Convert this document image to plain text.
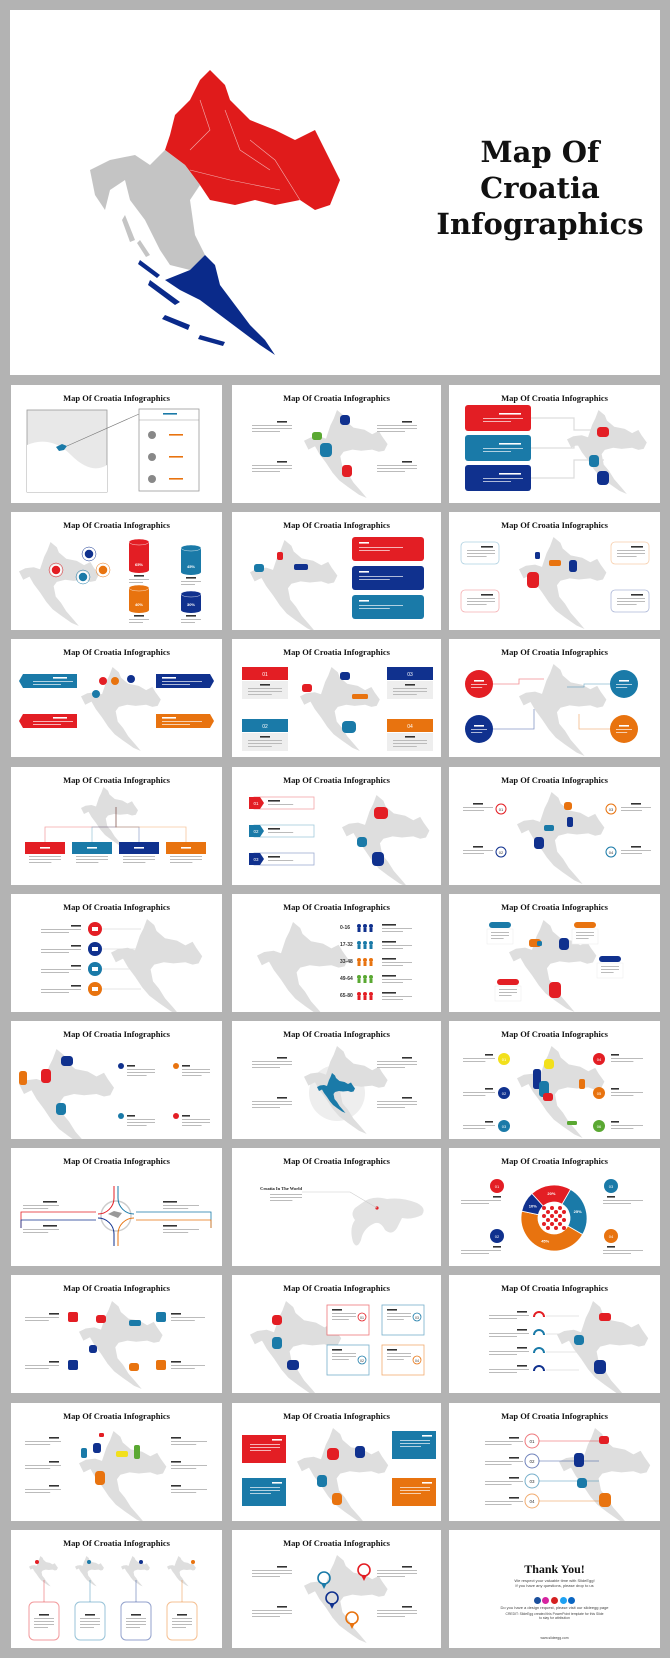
Map Of
Croatia
Infographics
Map Of Croatia Infographics	Map Of Croatia Infographics	Map Of Croatia Infographics
Map Of Croatia Infographics
65%	45%
40%	30%
Map Of Croatia Infographics	Map Of Croatia Infographics
Map Of Croatia Infographics	Map Of Croatia Infographics
01
02
03
04
Map Of Croatia Infographics
Map Of Croatia Infographics	Map Of Croatia Infographics
01
02
03
Map Of Croatia Infographics
01
02
03
04
Map Of Croatia Infographics	Map Of Croatia Infographics
0-16
17-32
33-48
49-64
65-80
Map Of Croatia Infographics
Map Of Croatia Infographics	Map Of Croatia Infographics	Map Of Croatia Infographics
01
02
03
04
05
06
Map Of Croatia Infographics	Map Of Croatia Infographics
Croatia In The World
Map Of Croatia Infographics
25%
45%
10%
20%
01
02
03
04
Map Of Croatia Infographics	Map Of Croatia Infographics
01
02
03
04
Map Of Croatia Infographics
Map Of Croatia Infographics	Map Of Croatia Infographics	Map Of Croatia Infographics
01
02
03
04
Map Of Croatia Infographics	Map Of Croatia Infographics
Thank You!
We respect your valuable time with SlideEgg!
If you have any questions, please drop to us
Do you have a design request, please visit our slideegg page
CREDIT: SlideEgg created this PowerPoint template for this Slide to stay for attribution
www.slideegg.com
